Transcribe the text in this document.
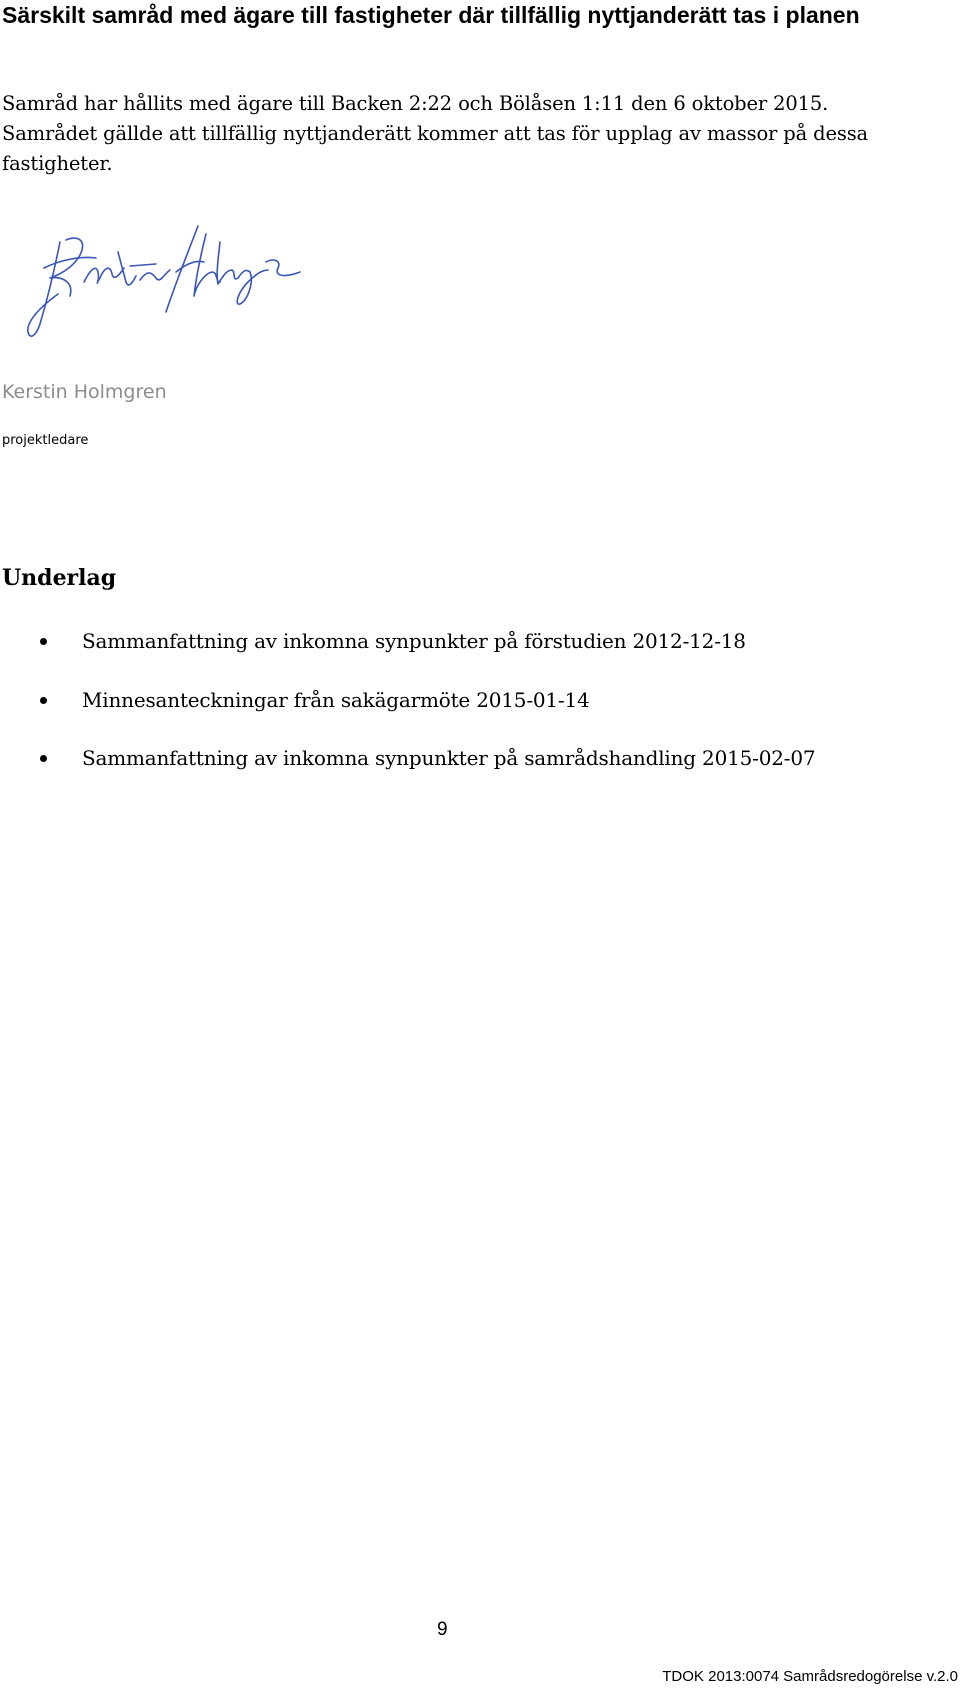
Särskilt samråd med ägare till fastigheter där tillfällig nyttjanderätt tas i planen

Samråd har hållits med ägare till Backen 2:22 och Bölåsen 1:11 den 6 oktober 2015.
Samrådet gällde att tillfällig nyttjanderätt kommer att tas för upplag av massor på dessa
fastigheter.

Kerstin Holmgren

projektledare

Underlag
Sammanfattning av inkomna synpunkter på förstudien 2012-12-18
Minnesanteckningar från sakägarmöte 2015-01-14
Sammanfattning av inkomna synpunkter på samrådshandling 2015-02-07

9

TDOK 2013:0074 Samrådsredogörelse v.2.0
